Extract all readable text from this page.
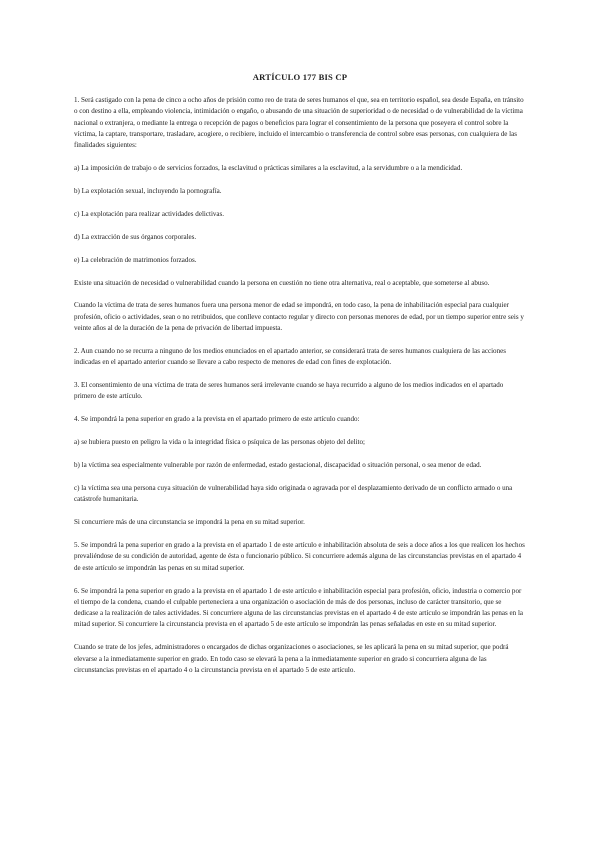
ARTÍCULO 177 BIS CP

1. Será castigado con la pena de cinco a ocho años de prisión como reo de trata de seres humanos el que, sea en territorio español, sea desde España, en tránsito o con destino a ella, empleando violencia, intimidación o engaño, o abusando de una situación de superioridad o de necesidad o de vulnerabilidad de la víctima nacional o extranjera, o mediante la entrega o recepción de pagos o beneficios para lograr el consentimiento de la persona que poseyera el control sobre la víctima, la captare, transportare, trasladare, acogiere, o recibiere, incluido el intercambio o transferencia de control sobre esas personas, con cualquiera de las finalidades siguientes:

a) La imposición de trabajo o de servicios forzados, la esclavitud o prácticas similares a la esclavitud, a la servidumbre o a la mendicidad.

b) La explotación sexual, incluyendo la pornografía.

c) La explotación para realizar actividades delictivas.

d) La extracción de sus órganos corporales.

e) La celebración de matrimonios forzados.

Existe una situación de necesidad o vulnerabilidad cuando la persona en cuestión no tiene otra alternativa, real o aceptable, que someterse al abuso.

Cuando la víctima de trata de seres humanos fuera una persona menor de edad se impondrá, en todo caso, la pena de inhabilitación especial para cualquier profesión, oficio o actividades, sean o no retribuidos, que conlleve contacto regular y directo con personas menores de edad, por un tiempo superior entre seis y veinte años al de la duración de la pena de privación de libertad impuesta.

2. Aun cuando no se recurra a ninguno de los medios enunciados en el apartado anterior, se considerará trata de seres humanos cualquiera de las acciones indicadas en el apartado anterior cuando se llevare a cabo respecto de menores de edad con fines de explotación.

3. El consentimiento de una víctima de trata de seres humanos será irrelevante cuando se haya recurrido a alguno de los medios indicados en el apartado primero de este artículo.

4. Se impondrá la pena superior en grado a la prevista en el apartado primero de este artículo cuando:

a) se hubiera puesto en peligro la vida o la integridad física o psíquica de las personas objeto del delito;

b) la víctima sea especialmente vulnerable por razón de enfermedad, estado gestacional, discapacidad o situación personal, o sea menor de edad.

c) la víctima sea una persona cuya situación de vulnerabilidad haya sido originada o agravada por el desplazamiento derivado de un conflicto armado o una catástrofe humanitaria.

Si concurriere más de una circunstancia se impondrá la pena en su mitad superior.

5. Se impondrá la pena superior en grado a la prevista en el apartado 1 de este artículo e inhabilitación absoluta de seis a doce años a los que realicen los hechos prevaliéndose de su condición de autoridad, agente de ésta o funcionario público. Si concurriere además alguna de las circunstancias previstas en el apartado 4 de este artículo se impondrán las penas en su mitad superior.

6. Se impondrá la pena superior en grado a la prevista en el apartado 1 de este artículo e inhabilitación especial para profesión, oficio, industria o comercio por el tiempo de la condena, cuando el culpable perteneciera a una organización o asociación de más de dos personas, incluso de carácter transitorio, que se dedicase a la realización de tales actividades. Si concurriere alguna de las circunstancias previstas en el apartado 4 de este artículo se impondrán las penas en la mitad superior. Si concurriere la circunstancia prevista en el apartado 5 de este artículo se impondrán las penas señaladas en este en su mitad superior.

Cuando se trate de los jefes, administradores o encargados de dichas organizaciones o asociaciones, se les aplicará la pena en su mitad superior, que podrá elevarse a la inmediatamente superior en grado. En todo caso se elevará la pena a la inmediatamente superior en grado si concurriera alguna de las circunstancias previstas en el apartado 4 o la circunstancia prevista en el apartado 5 de este artículo.
